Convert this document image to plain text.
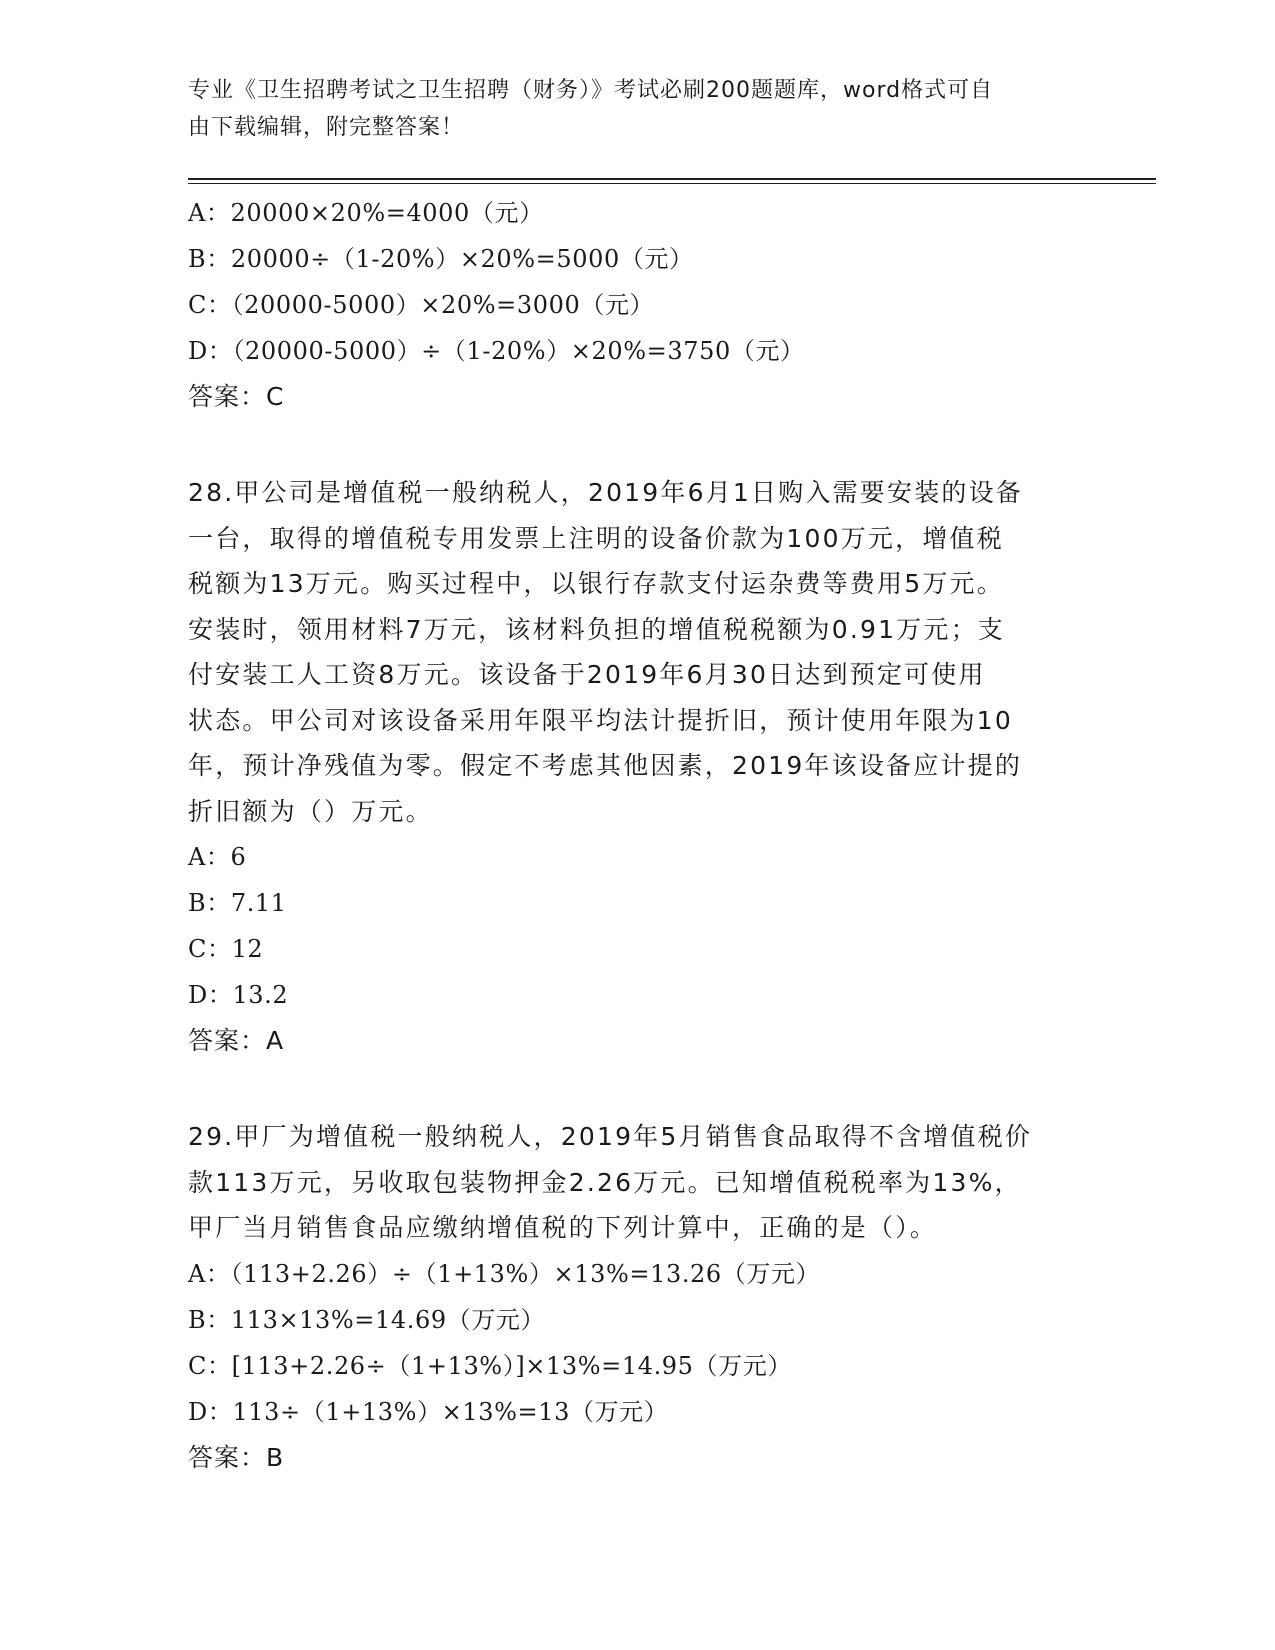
专业《卫生招聘考试之卫生招聘（财务）》考试必刷200题题库，word格式可自
由下载编辑，附完整答案！
A：20000×20%=4000（元）
B：20000÷（1-20%）×20%=5000（元）
C：（20000-5000）×20%=3000（元）
D：（20000-5000）÷（1-20%）×20%=3750（元）
答案：C
28.甲公司是增值税一般纳税人，2019年6月1日购入需要安装的设备
一台，取得的增值税专用发票上注明的设备价款为100万元，增值税
税额为13万元。购买过程中，以银行存款支付运杂费等费用5万元。
安装时，领用材料7万元，该材料负担的增值税税额为0.91万元；支
付安装工人工资8万元。该设备于2019年6月30日达到预定可使用
状态。甲公司对该设备采用年限平均法计提折旧，预计使用年限为10
年，预计净残值为零。假定不考虑其他因素，2019年该设备应计提的
折旧额为（）万元。
A：6
B：7.11
C：12
D：13.2
答案：A
29.甲厂为增值税一般纳税人，2019年5月销售食品取得不含增值税价
款113万元，另收取包装物押金2.26万元。已知增值税税率为13%，
甲厂当月销售食品应缴纳增值税的下列计算中，正确的是（）。
A：（113+2.26）÷（1+13%）×13%=13.26（万元）
B：113×13%=14.69（万元）
C：[113+2.26÷（1+13%）]×13%=14.95（万元）
D：113÷（1+13%）×13%=13（万元）
答案：B
